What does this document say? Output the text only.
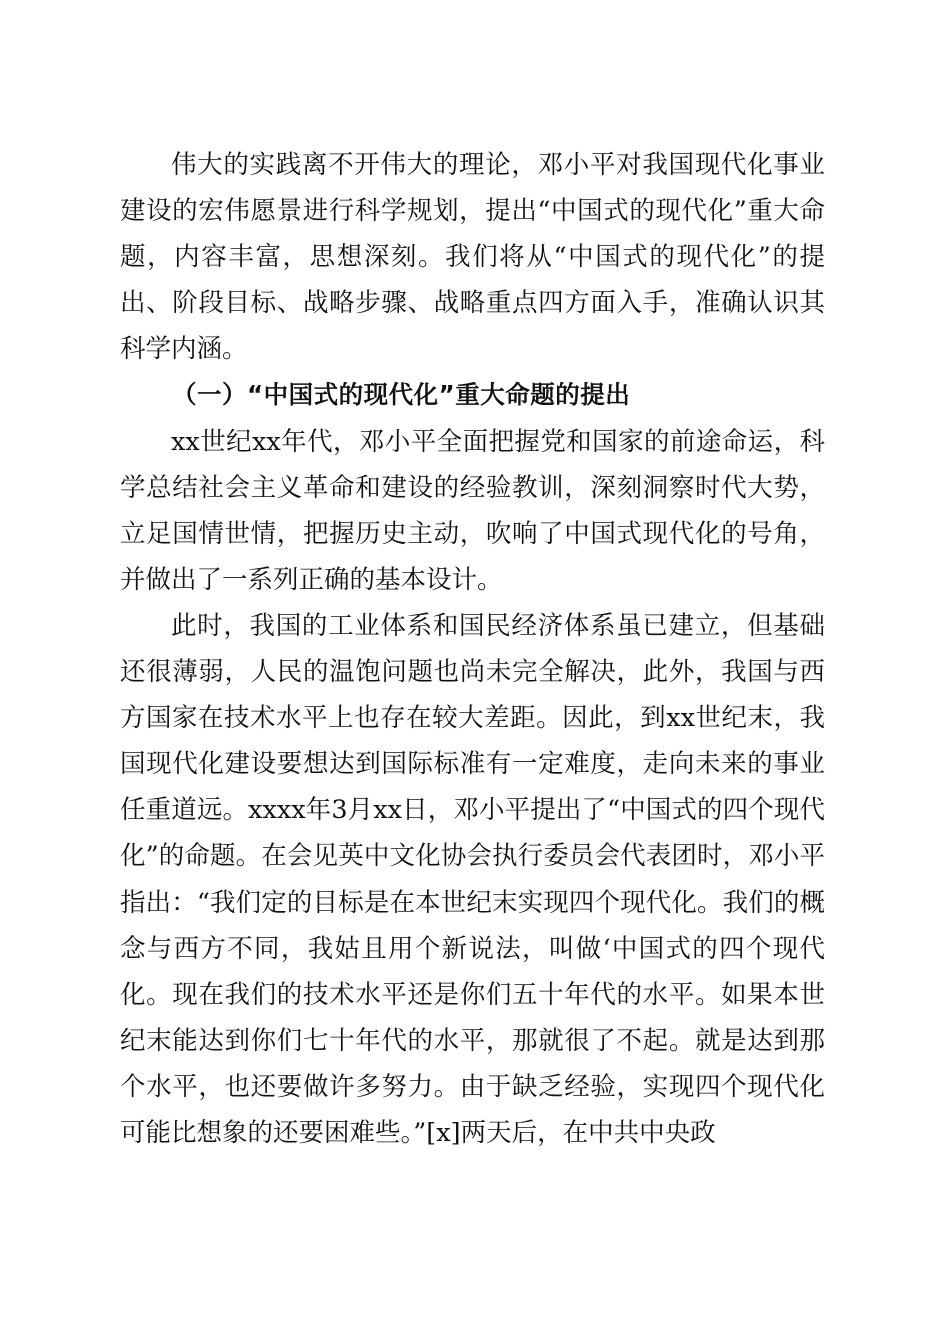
伟大的实践离不开伟大的理论，邓小平对我国现代化事业建设的宏伟愿景进行科学规划，提出“中国式的现代化”重大命题，内容丰富，思想深刻。我们将从“中国式的现代化”的提出、阶段目标、战略步骤、战略重点四方面入手，准确认识其科学内涵。

（一）“中国式的现代化”重大命题的提出

xx世纪xx年代，邓小平全面把握党和国家的前途命运，科学总结社会主义革命和建设的经验教训，深刻洞察时代大势，立足国情世情，把握历史主动，吹响了中国式现代化的号角，并做出了一系列正确的基本设计。

此时，我国的工业体系和国民经济体系虽已建立，但基础还很薄弱，人民的温饱问题也尚未完全解决，此外，我国与西方国家在技术水平上也存在较大差距。因此，到xx世纪末，我国现代化建设要想达到国际标准有一定难度，走向未来的事业任重道远。xxxx年3月xx日，邓小平提出了“中国式的四个现代化”的命题。在会见英中文化协会执行委员会代表团时，邓小平指出：“我们定的目标是在本世纪末实现四个现代化。我们的概念与西方不同，我姑且用个新说法，叫做‘中国式的四个现代化。现在我们的技术水平还是你们五十年代的水平。如果本世纪末能达到你们七十年代的水平，那就很了不起。就是达到那个水平，也还要做许多努力。由于缺乏经验，实现四个现代化可能比想象的还要困难些。”[x]两天后，在中共中央政
